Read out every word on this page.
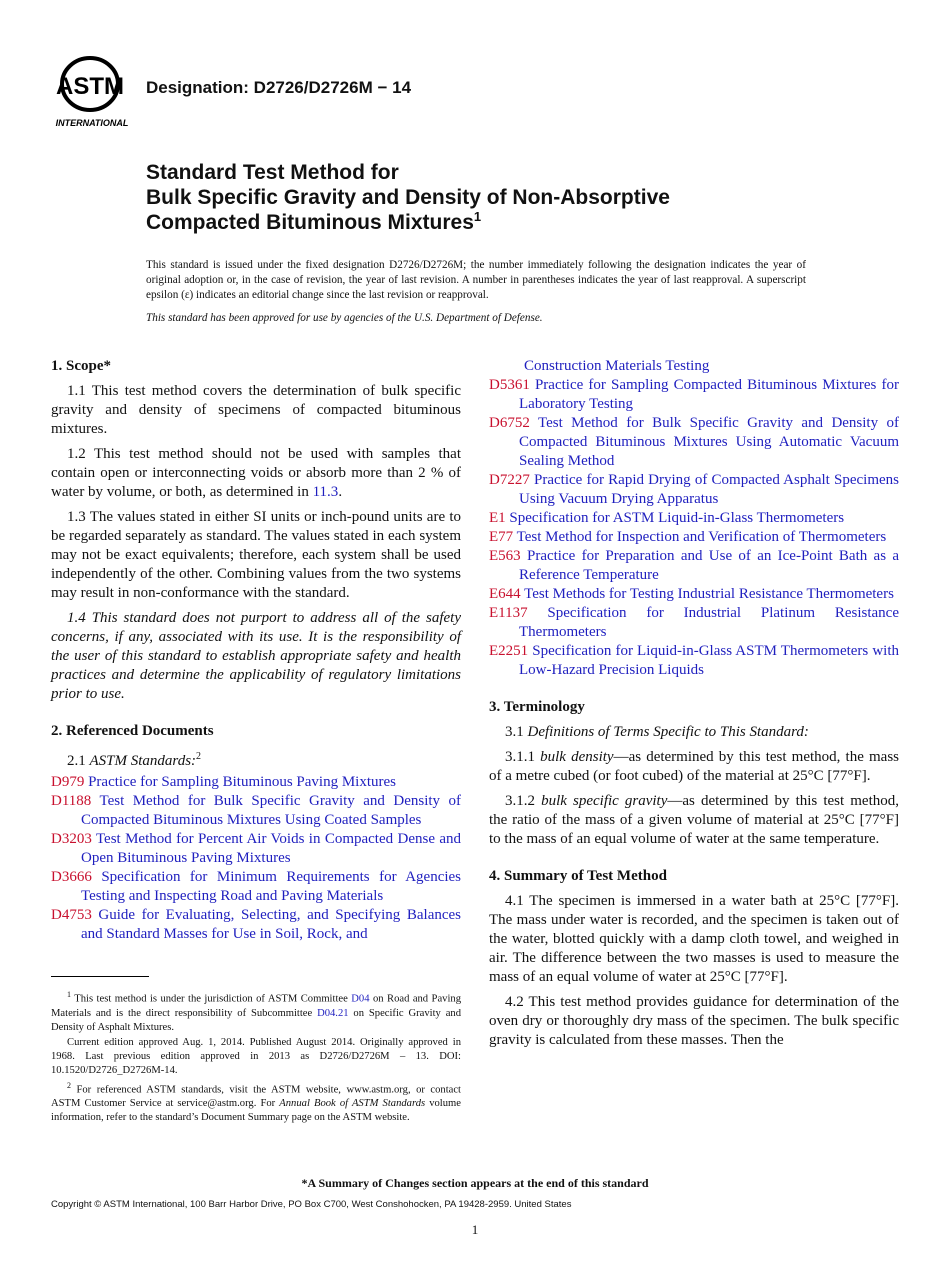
ASTM
INTERNATIONAL
Designation: D2726/D2726M − 14
Standard Test Method for
Bulk Specific Gravity and Density of Non-Absorptive
Compacted Bituminous Mixtures$^1$
This standard is issued under the fixed designation D2726/D2726M; the number immediately following the designation indicates the year of original adoption or, in the case of revision, the year of last revision. A number in parentheses indicates the year of last reapproval. A superscript epsilon (ε) indicates an editorial change since the last revision or reapproval.
This standard has been approved for use by agencies of the U.S. Department of Defense.
1. Scope*

1.1 This test method covers the determination of bulk specific gravity and density of specimens of compacted bituminous mixtures.

1.2 This test method should not be used with samples that contain open or interconnecting voids or absorb more than 2 % of water by volume, or both, as determined in 11.3.

1.3 The values stated in either SI units or inch-pound units are to be regarded separately as standard. The values stated in each system may not be exact equivalents; therefore, each system shall be used independently of the other. Combining values from the two systems may result in non-conformance with the standard.

1.4 This standard does not purport to address all of the safety concerns, if any, associated with its use. It is the responsibility of the user of this standard to establish appropriate safety and health practices and determine the applicability of regulatory limitations prior to use.

2. Referenced Documents

2.1 ASTM Standards:$^2$

D979 Practice for Sampling Bituminous Paving Mixtures

D1188 Test Method for Bulk Specific Gravity and Density of Compacted Bituminous Mixtures Using Coated Samples

D3203 Test Method for Percent Air Voids in Compacted Dense and Open Bituminous Paving Mixtures

D3666 Specification for Minimum Requirements for Agencies Testing and Inspecting Road and Paving Materials

D4753 Guide for Evaluating, Selecting, and Specifying Balances and Standard Masses for Use in Soil, Rock, and

Construction Materials Testing

D5361 Practice for Sampling Compacted Bituminous Mixtures for Laboratory Testing

D6752 Test Method for Bulk Specific Gravity and Density of Compacted Bituminous Mixtures Using Automatic Vacuum Sealing Method

D7227 Practice for Rapid Drying of Compacted Asphalt Specimens Using Vacuum Drying Apparatus

E1 Specification for ASTM Liquid-in-Glass Thermometers

E77 Test Method for Inspection and Verification of Thermometers

E563 Practice for Preparation and Use of an Ice-Point Bath as a Reference Temperature

E644 Test Methods for Testing Industrial Resistance Thermometers

E1137 Specification for Industrial Platinum Resistance Thermometers

E2251 Specification for Liquid-in-Glass ASTM Thermometers with Low-Hazard Precision Liquids

3. Terminology

3.1 Definitions of Terms Specific to This Standard:

3.1.1 bulk density—as determined by this test method, the mass of a metre cubed (or foot cubed) of the material at 25°C [77°F].

3.1.2 bulk specific gravity—as determined by this test method, the ratio of the mass of a given volume of material at 25°C [77°F] to the mass of an equal volume of water at the same temperature.

4. Summary of Test Method

4.1 The specimen is immersed in a water bath at 25°C [77°F]. The mass under water is recorded, and the specimen is taken out of the water, blotted quickly with a damp cloth towel, and weighed in air. The difference between the two masses is used to measure the mass of an equal volume of water at 25°C [77°F].

4.2 This test method provides guidance for determination of the oven dry or thoroughly dry mass of the specimen. The bulk specific gravity is calculated from these masses. Then the

$^1$ This test method is under the jurisdiction of ASTM Committee D04 on Road and Paving Materials and is the direct responsibility of Subcommittee D04.21 on Specific Gravity and Density of Asphalt Mixtures.

Current edition approved Aug. 1, 2014. Published August 2014. Originally approved in 1968. Last previous edition approved in 2013 as D2726/D2726M – 13. DOI: 10.1520/D2726_D2726M-14.

$^2$ For referenced ASTM standards, visit the ASTM website, www.astm.org, or contact ASTM Customer Service at service@astm.org. For Annual Book of ASTM Standards volume information, refer to the standard’s Document Summary page on the ASTM website.

*A Summary of Changes section appears at the end of this standard
Copyright © ASTM International, 100 Barr Harbor Drive, PO Box C700, West Conshohocken, PA 19428-2959. United States
1
